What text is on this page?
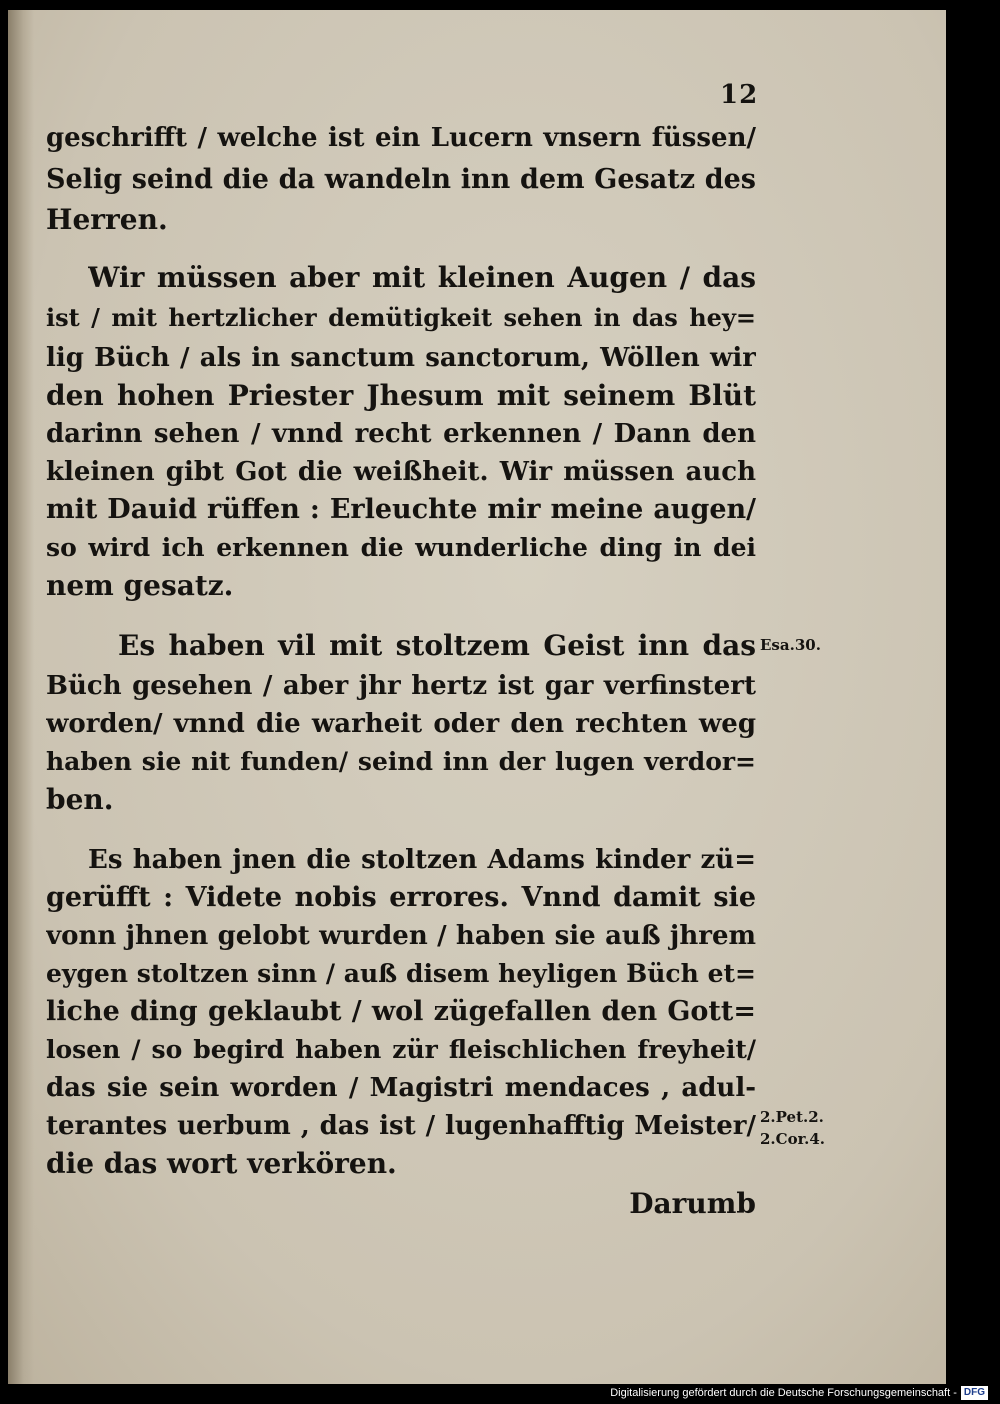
12
geschrifft / welche ist ein Lucern vnsern füssen/
Selig seind die da wandeln inn dem Gesatz des
Herren.
Wir müssen aber mit kleinen Augen / das
ist / mit hertzlicher demütigkeit sehen in das hey=
lig Büch / als in sanctum sanctorum, Wöllen wir
den hohen Priester Jhesum mit seinem Blüt
darinn sehen / vnnd recht erkennen / Dann den
kleinen gibt Got die weißheit. Wir müssen auch
mit Dauid rüffen : Erleuchte mir meine augen/
so wird ich erkennen die wunderliche ding in dei
nem gesatz.
Es haben vil mit stoltzem Geist inn das
Büch gesehen / aber jhr hertz ist gar verfinstert
worden/ vnnd die warheit oder den rechten weg
haben sie nit funden/ seind inn der lugen verdor=
ben.
Es haben jnen die stoltzen Adams kinder zü=
gerüfft : Videte nobis errores. Vnnd damit sie
vonn jhnen gelobt wurden / haben sie auß jhrem
eygen stoltzen sinn / auß disem heyligen Büch et=
liche ding geklaubt / wol zügefallen den Gott=
losen / so begird haben zür fleischlichen freyheit/
das sie sein worden / Magistri mendaces , adul-
terantes uerbum , das ist / lugenhafftig Meister/
die das wort verkören.
Darumb
Esa.30.
2.Pet.2.
2.Cor.4.
Digitalisierung gefördert durch die Deutsche Forschungsgemeinschaft - DFG
